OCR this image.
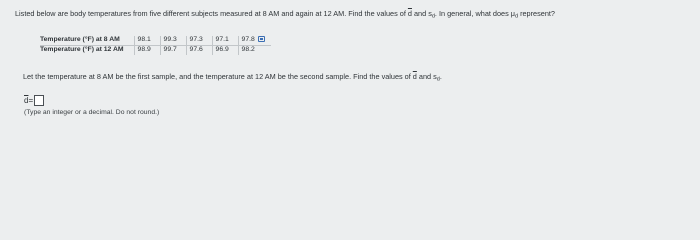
Listed below are body temperatures from five different subjects measured at 8 AM and again at 12 AM. Find the values of $\overline{d}$ and $s_d$. In general, what does $\mu_d$ represent?
Temperature (°F) at 8 AM	98.1	99.3	97.3	97.1	97.8
Temperature (°F) at 12 AM	98.9	99.7	97.6	96.9	98.2
Let the temperature at 8 AM be the first sample, and the temperature at 12 AM be the second sample. Find the values of $\overline{d}$ and $s_d$.
$\overline{d}$ =
(Type an integer or a decimal. Do not round.)
